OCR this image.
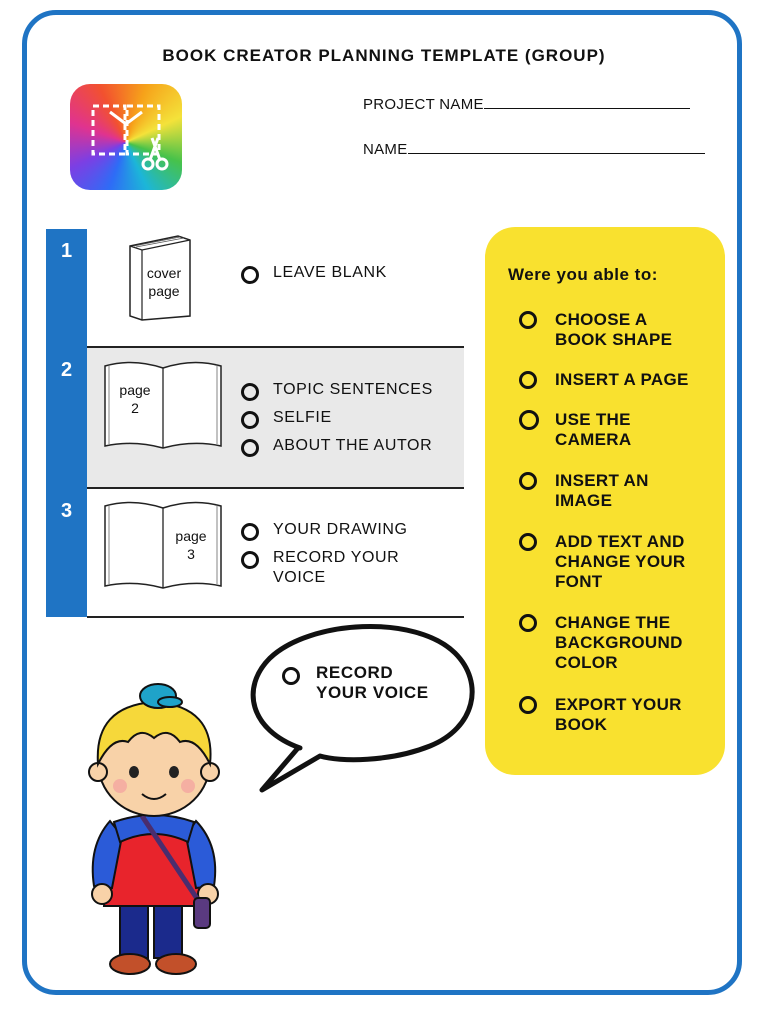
BOOK CREATOR PLANNING TEMPLATE (GROUP)
PROJECT NAME
NAME
1
2
3
cover
page
page
2
page
3
LEAVE BLANK
TOPIC SENTENCES
SELFIE
ABOUT THE AUTOR
YOUR DRAWING
RECORD YOUR
VOICE
RECORD
YOUR VOICE
Were you able to:
CHOOSE A
BOOK SHAPE
INSERT A PAGE
USE THE
CAMERA
INSERT AN
IMAGE
ADD TEXT AND
CHANGE YOUR
FONT
CHANGE THE
BACKGROUND
COLOR
EXPORT YOUR
BOOK
